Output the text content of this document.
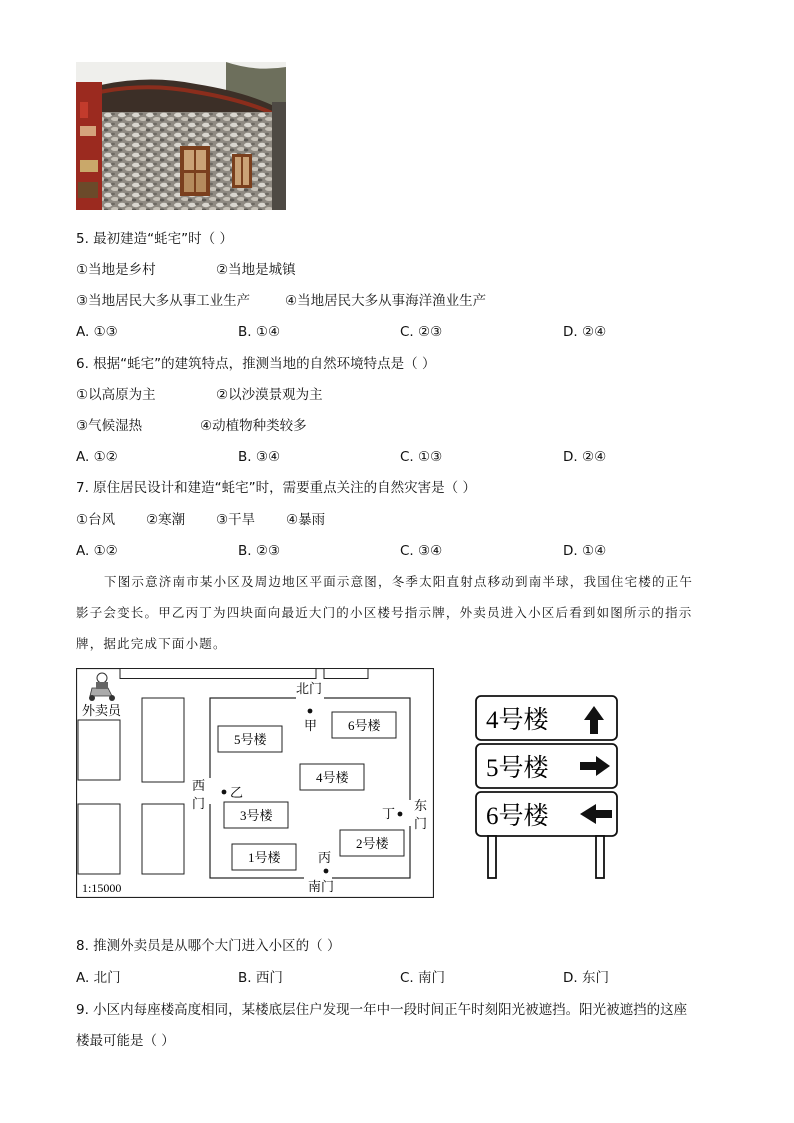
5. 最初建造“蚝宅”时（ ）
①当地是乡村	②当地是城镇
③当地居民大多从事工业生产	④当地居民大多从事海洋渔业生产
A. ①③	B. ①④	C. ②③	D. ②④
6. 根据“蚝宅”的建筑特点，推测当地的自然环境特点是（ ）
①以高原为主	②以沙漠景观为主
③气候湿热	④动植物种类较多
A. ①②	B. ③④	C. ①③	D. ②④
7. 原住居民设计和建造“蚝宅”时，需要重点关注的自然灾害是（ ）
①台风 ②寒潮 ③干旱 ④暴雨
A. ①②	B. ②③	C. ③④	D. ①④
下图示意济南市某小区及周边地区平面示意图，冬季太阳直射点移动到南半球，我国住宅楼的正午
影子会变长。甲乙丙丁为四块面向最近大门的小区楼号指示牌，外卖员进入小区后看到如图所示的指示
牌，据此完成下面小题。
外卖员
北门
南门
西
门	东
门
5号楼
6号楼
4号楼
3号楼
2号楼
1号楼
甲
乙
丙
丁
1:15000
4号楼
5号楼
6号楼
8. 推测外卖员是从哪个大门进入小区的（ ）
A. 北门	B. 西门	C. 南门	D. 东门
9. 小区内每座楼高度相同，某楼底层住户发现一年中一段时间正午时刻阳光被遮挡。阳光被遮挡的这座
楼最可能是（ ）
